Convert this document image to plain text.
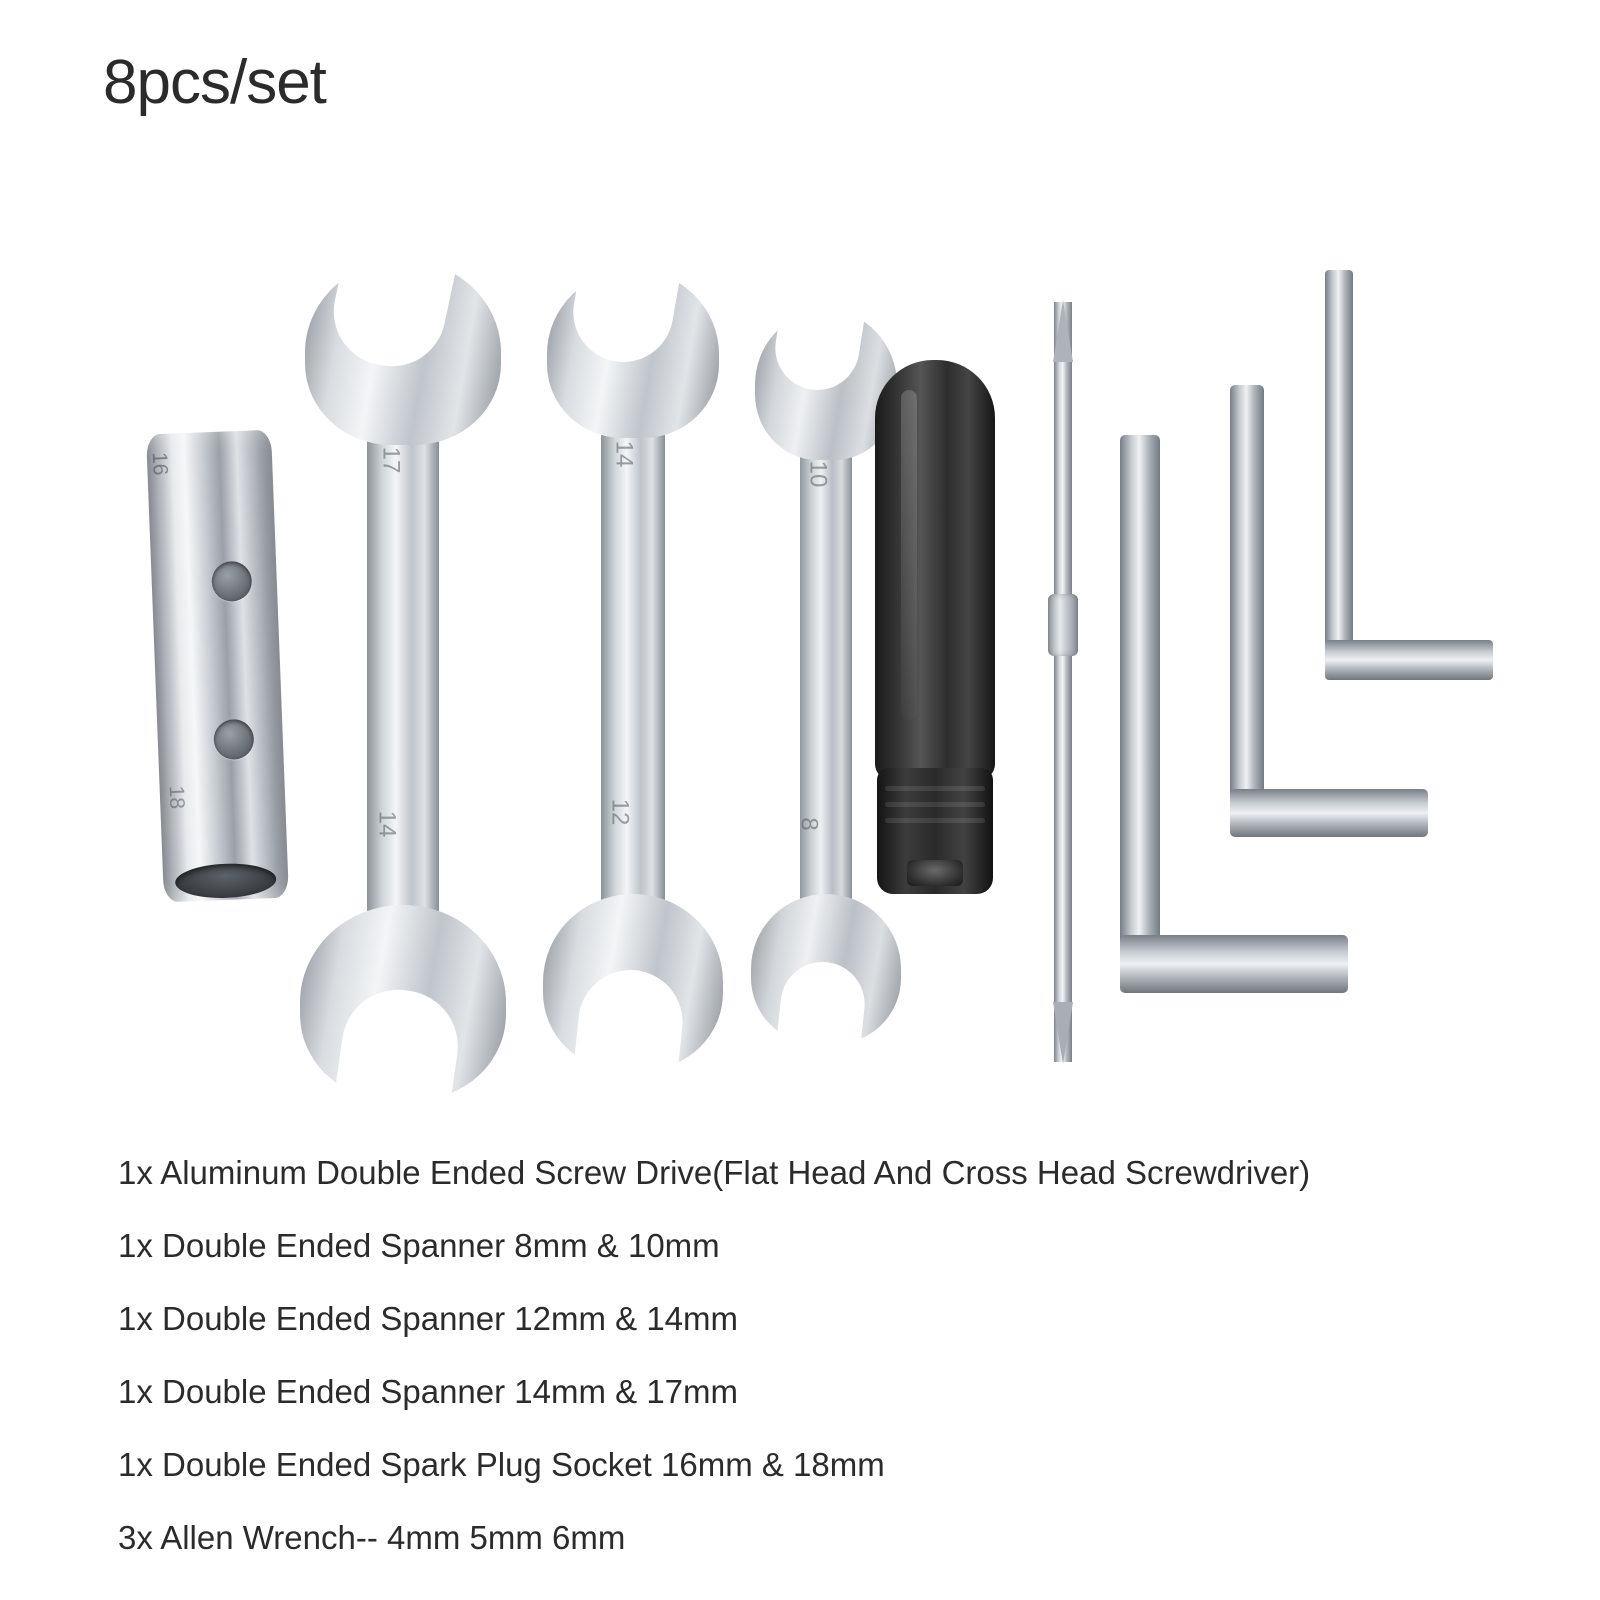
8pcs/set
16
18
17
14
14
12
10
8
1x Aluminum Double Ended Screw Drive(Flat Head And Cross Head Screwdriver)
1x Double Ended Spanner 8mm & 10mm
1x Double Ended Spanner 12mm & 14mm
1x Double Ended Spanner 14mm & 17mm
1x Double Ended Spark Plug Socket 16mm & 18mm
3x Allen Wrench-- 4mm 5mm 6mm
